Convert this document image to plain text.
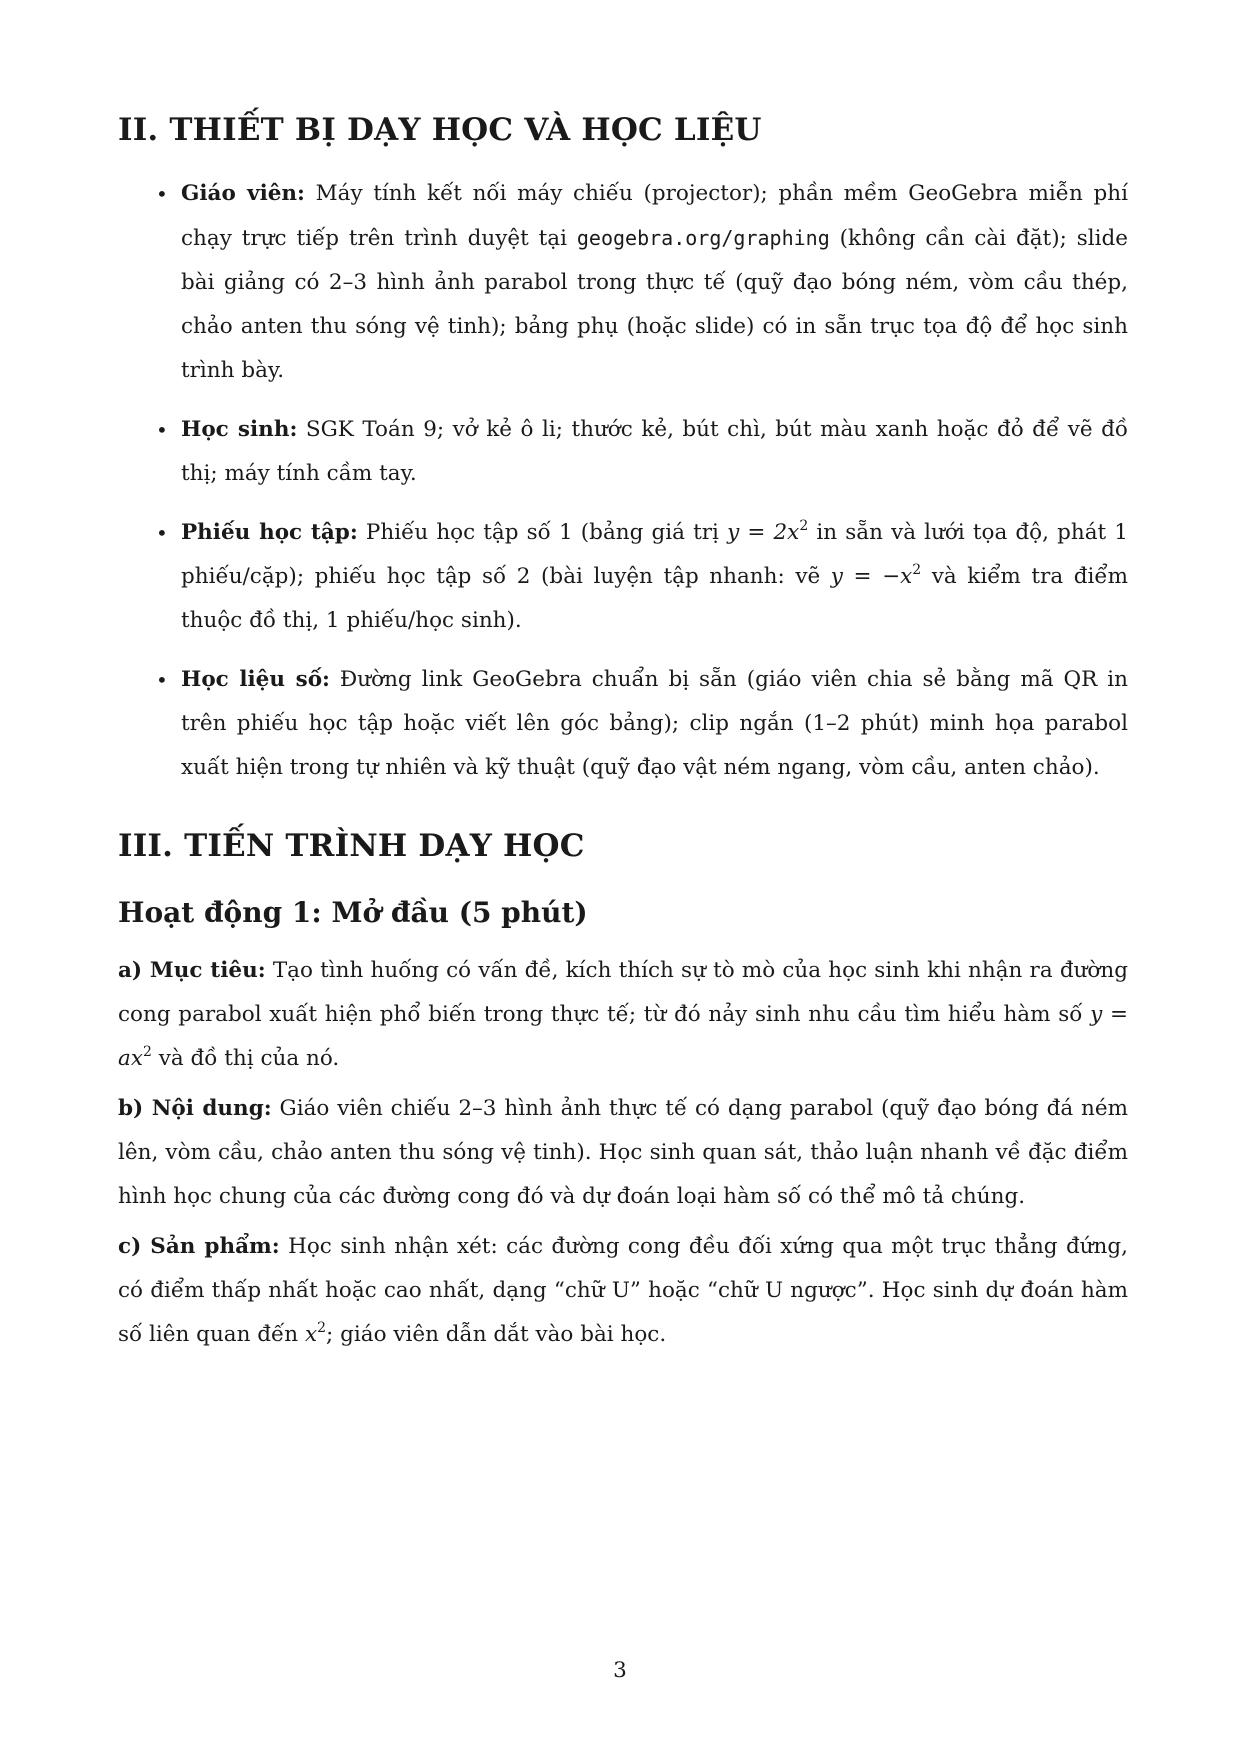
II. THIẾT BỊ DẠY HỌC VÀ HỌC LIỆU
• Giáo viên: Máy tính kết nối máy chiếu (projector); phần mềm GeoGebra miễn phí chạy trực tiếp trên trình duyệt tại geogebra.org/graphing (không cần cài đặt); slide bài giảng có 2–3 hình ảnh parabol trong thực tế (quỹ đạo bóng ném, vòm cầu thép, chảo anten thu sóng vệ tinh); bảng phụ (hoặc slide) có in sẵn trục tọa độ để học sinh trình bày.
• Học sinh: SGK Toán 9; vở kẻ ô li; thước kẻ, bút chì, bút màu xanh hoặc đỏ để vẽ đồ thị; máy tính cầm tay.
• Phiếu học tập: Phiếu học tập số 1 (bảng giá trị $y = 2x^2$ in sẵn và lưới tọa độ, phát 1 phiếu/cặp); phiếu học tập số 2 (bài luyện tập nhanh: vẽ $y = -x^2$ và kiểm tra điểm thuộc đồ thị, 1 phiếu/học sinh).
• Học liệu số: Đường link GeoGebra chuẩn bị sẵn (giáo viên chia sẻ bằng mã QR in trên phiếu học tập hoặc viết lên góc bảng); clip ngắn (1–2 phút) minh họa parabol xuất hiện trong tự nhiên và kỹ thuật (quỹ đạo vật ném ngang, vòm cầu, anten chảo).
III. TIẾN TRÌNH DẠY HỌC
Hoạt động 1: Mở đầu (5 phút)

a) Mục tiêu: Tạo tình huống có vấn đề, kích thích sự tò mò của học sinh khi nhận ra đường cong parabol xuất hiện phổ biến trong thực tế; từ đó nảy sinh nhu cầu tìm hiểu hàm số $y = ax^2$ và đồ thị của nó.

b) Nội dung: Giáo viên chiếu 2–3 hình ảnh thực tế có dạng parabol (quỹ đạo bóng đá ném lên, vòm cầu, chảo anten thu sóng vệ tinh). Học sinh quan sát, thảo luận nhanh về đặc điểm hình học chung của các đường cong đó và dự đoán loại hàm số có thể mô tả chúng.

c) Sản phẩm: Học sinh nhận xét: các đường cong đều đối xứng qua một trục thẳng đứng, có điểm thấp nhất hoặc cao nhất, dạng “chữ U” hoặc “chữ U ngược”. Học sinh dự đoán hàm số liên quan đến $x^2$; giáo viên dẫn dắt vào bài học.

3
